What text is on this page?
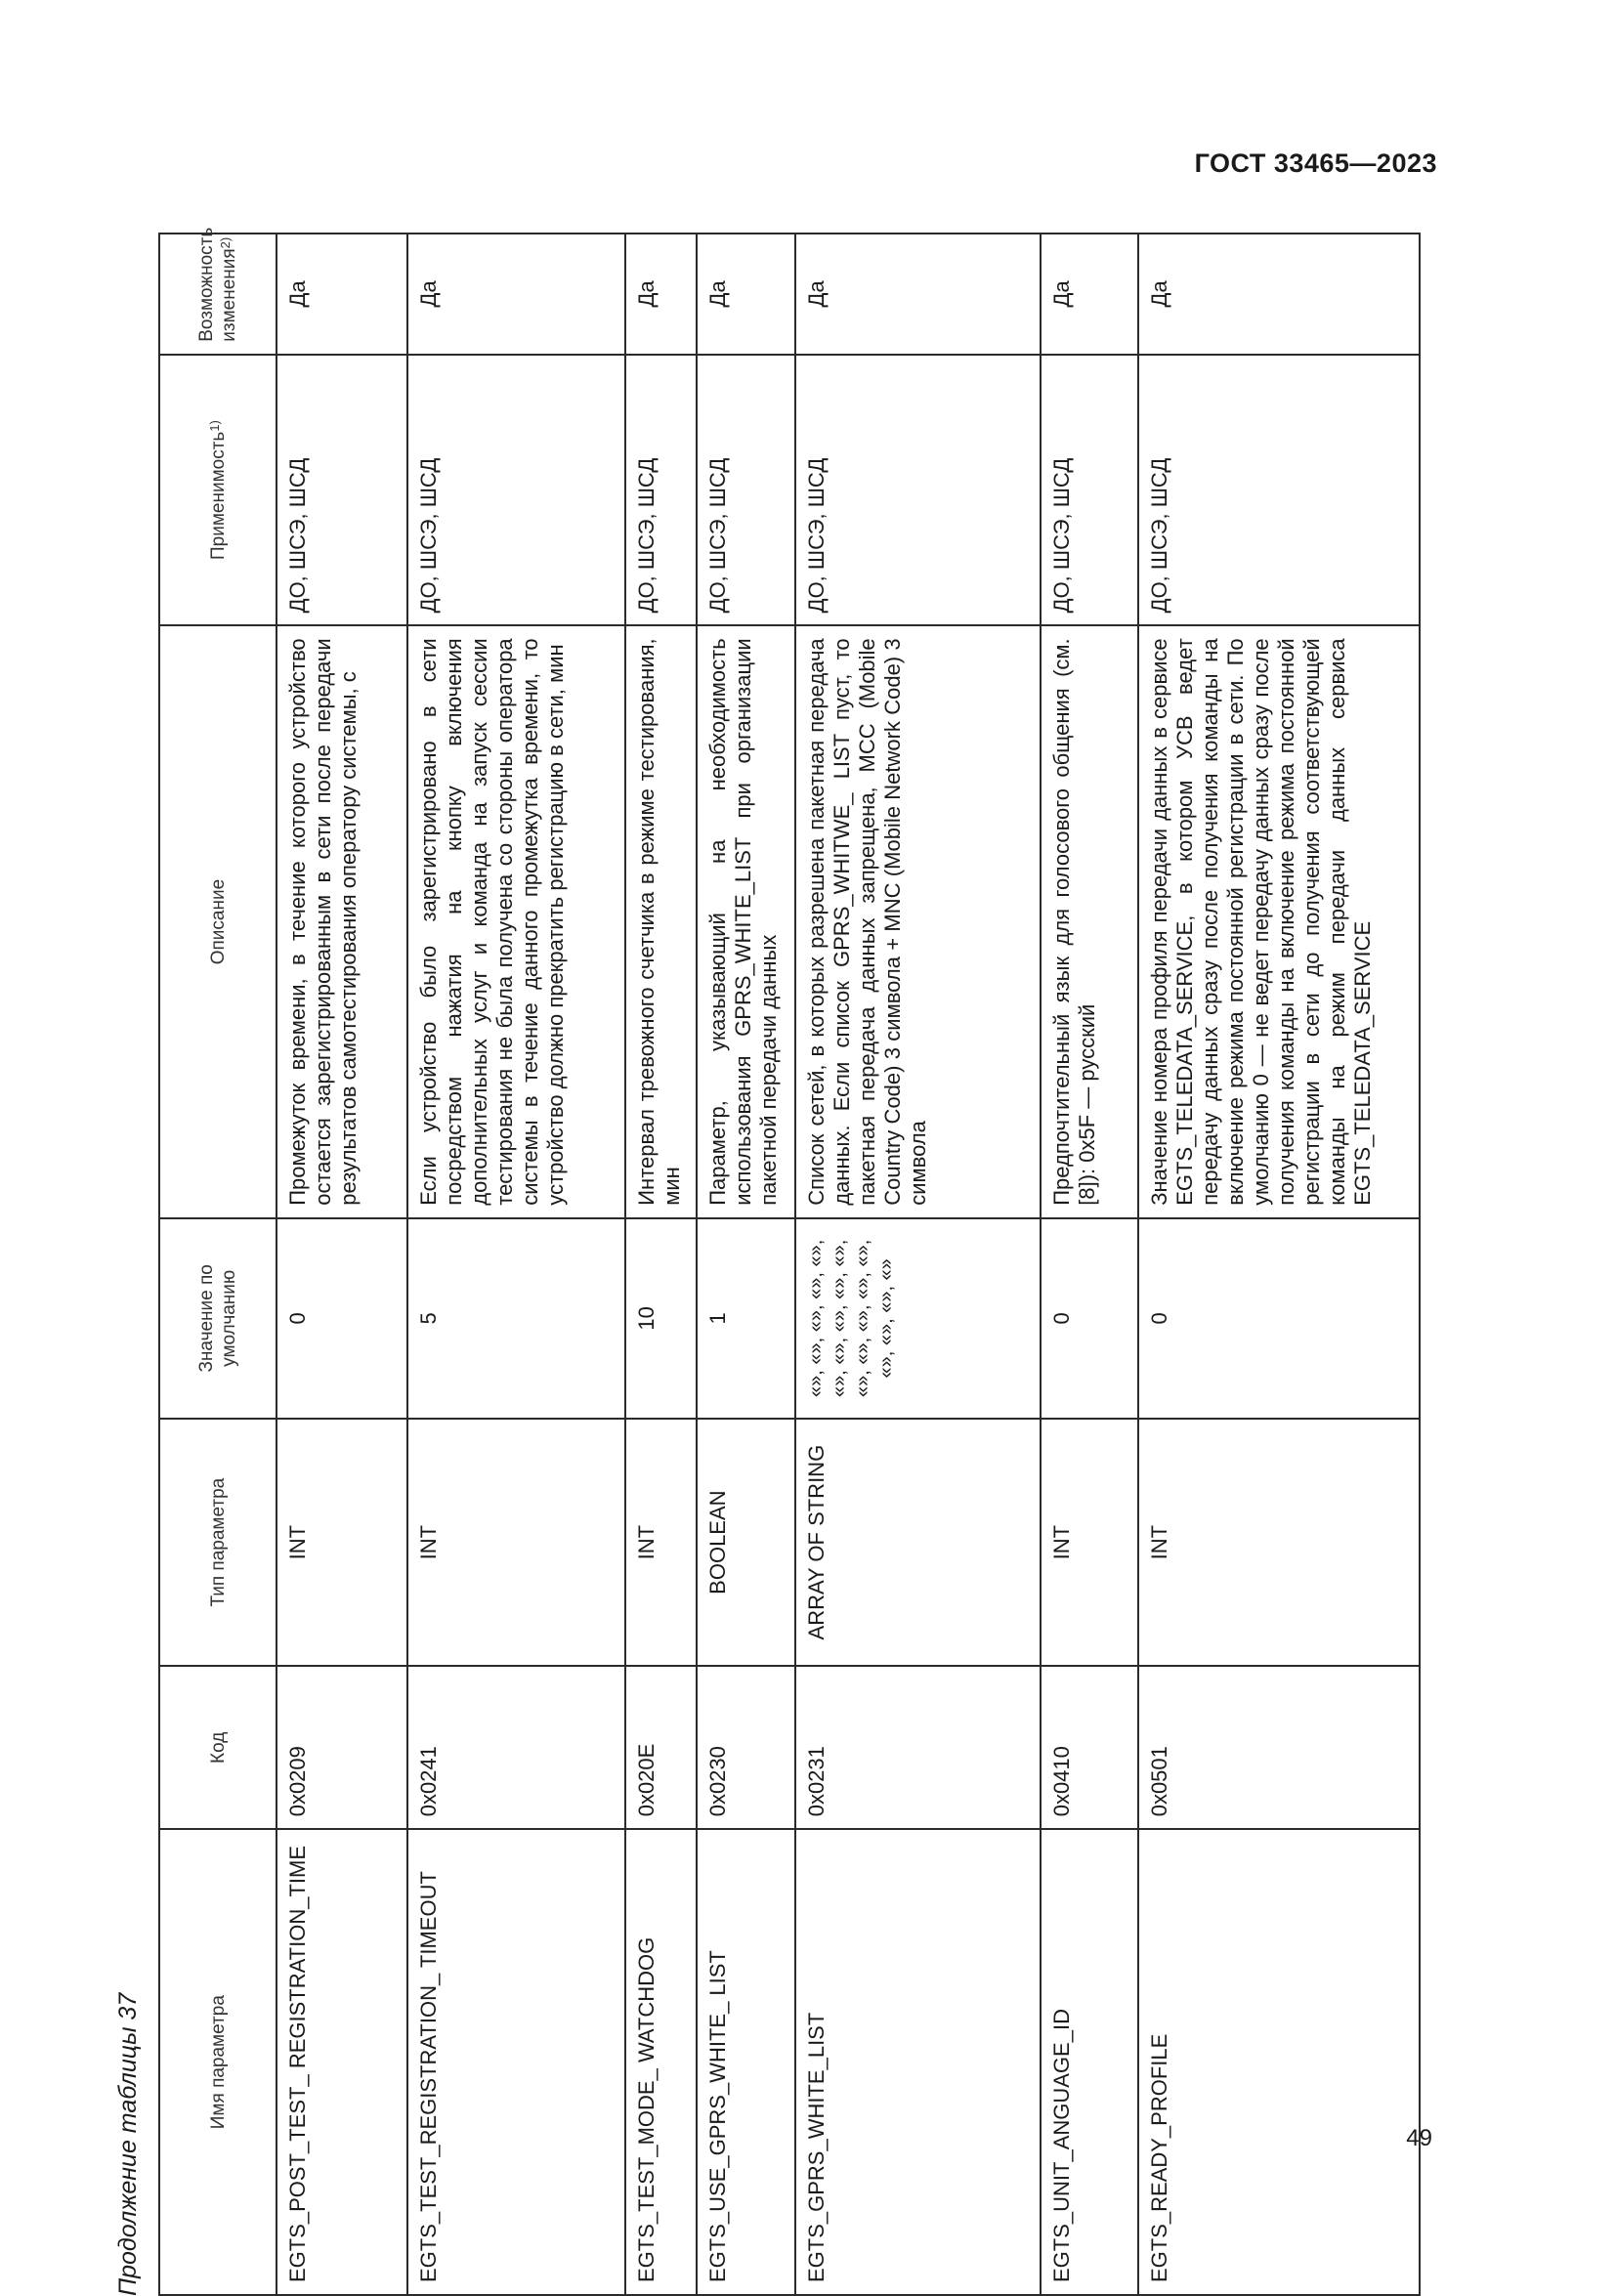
ГОСТ 33465—2023
Продолжение таблицы 37	Имя параметра	Код	Тип параметра	Значение по умолчанию	Описание	Применимость$^{1)}$	Возможность изменения$^{2)}$
EGTS_POST_TEST_ REGISTRATION_TIME	0x0209	INT	0	Промежуток времени, в течение которого устройство остается зарегистрированным в сети после передачи результатов самотестирования оператору системы, с	ДО, ШСЭ, ШСД	Да
EGTS_TEST_REGISTRATION_ TIMEOUT	0x0241	INT	5	Если устройство было зарегистрировано в сети посредством нажатия на кнопку включения дополнительных услуг и команда на запуск сессии тестирования не была получена со стороны оператора системы в течение данного промежутка времени, то устройство должно прекратить регистрацию в сети, мин	ДО, ШСЭ, ШСД	Да
EGTS_TEST_MODE_ WATCHDOG	0x020E	INT	10	Интервал тревожного счетчика в режиме тестирования, мин	ДО, ШСЭ, ШСД	Да
EGTS_USE_GPRS_WHITE_ LIST	0x0230	BOOLEAN	1	Параметр, указывающий на необходимость использования GPRS_WHITE_LIST при организации пакетной передачи данных	ДО, ШСЭ, ШСД	Да
EGTS_GPRS_WHITE_LIST	0x0231	ARRAY OF STRING	«», «», «», «», «», «», «», «», «», «», «», «», «», «», «», «», «», «», «»	Список сетей, в которых разрешена пакетная передача данных. Если список GPRS_WHITWE_ LIST пуст, то пакетная передача данных запрещена, MCC (Mobile Country Code) 3 символа + MNC (Mobile Network Code) 3 символа	ДО, ШСЭ, ШСД	Да
EGTS_UNIT_ANGUAGE_ID	0x0410	INT	0	Предпочтительный язык для голосового общения (см. [8]): 0x5F — русский	ДО, ШСЭ, ШСД	Да
EGTS_READY_PROFILE	0x0501	INT	0	Значение номера профиля передачи данных в сервисе EGTS_TELEDATA_SERVICE, в котором УСВ ведет передачу данных сразу после получения команды на включение режима постоянной регистрации в сети. По умолчанию 0 — не ведет передачу данных сразу после получения команды на включение режима постоянной регистрации в сети до получения соответствующей команды на режим передачи данных сервиса EGTS_TELEDATA_SERVICE	ДО, ШСЭ, ШСД	Да
49
